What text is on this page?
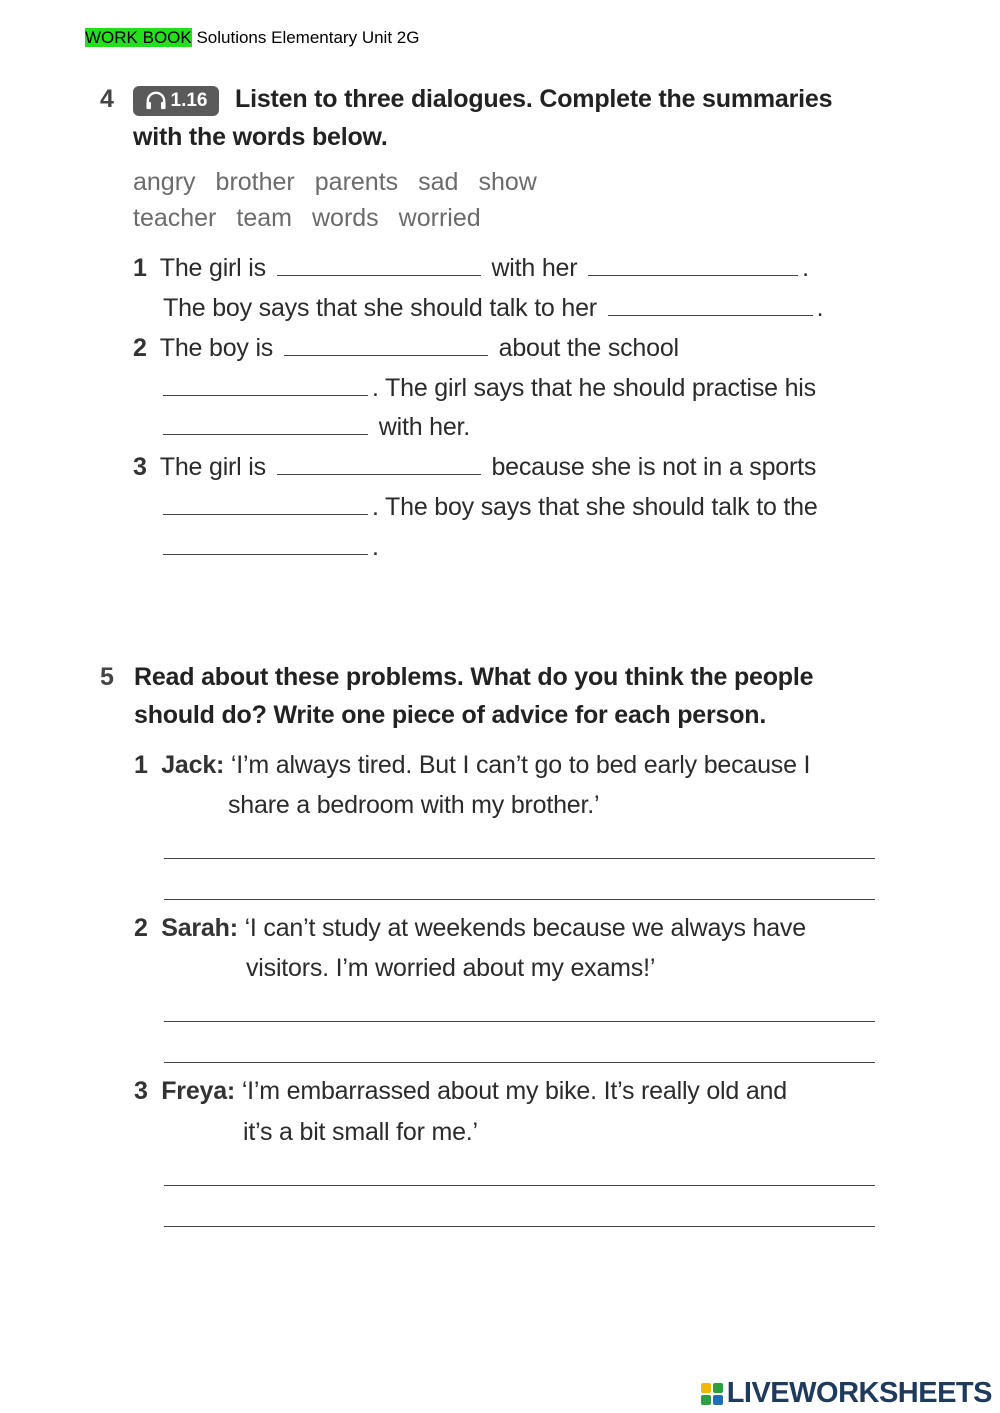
WORK BOOK Solutions Elementary Unit 2G
4	1.16 Listen to three dialogues. Complete the summaries
with the words below.
angry brother parents sad show
teacher team words worried
1 The girl is	with her	.
The boy says that she should talk to her	.
2 The boy is	about the school
. The girl says that he should practise his
with her.
3 The girl is	because she is not in a sports
. The boy says that she should talk to the
.
5 Read about these problems. What do you think the people
should do? Write one piece of advice for each person.
1 Jack: ‘I’m always tired. But I can’t go to bed early because I
share a bedroom with my brother.’
2 Sarah: ‘I can’t study at weekends because we always have
visitors. I’m worried about my exams!’
3 Freya: ‘I’m embarrassed about my bike. It’s really old and
it’s a bit small for me.’
LIVEWORKSHEETS
